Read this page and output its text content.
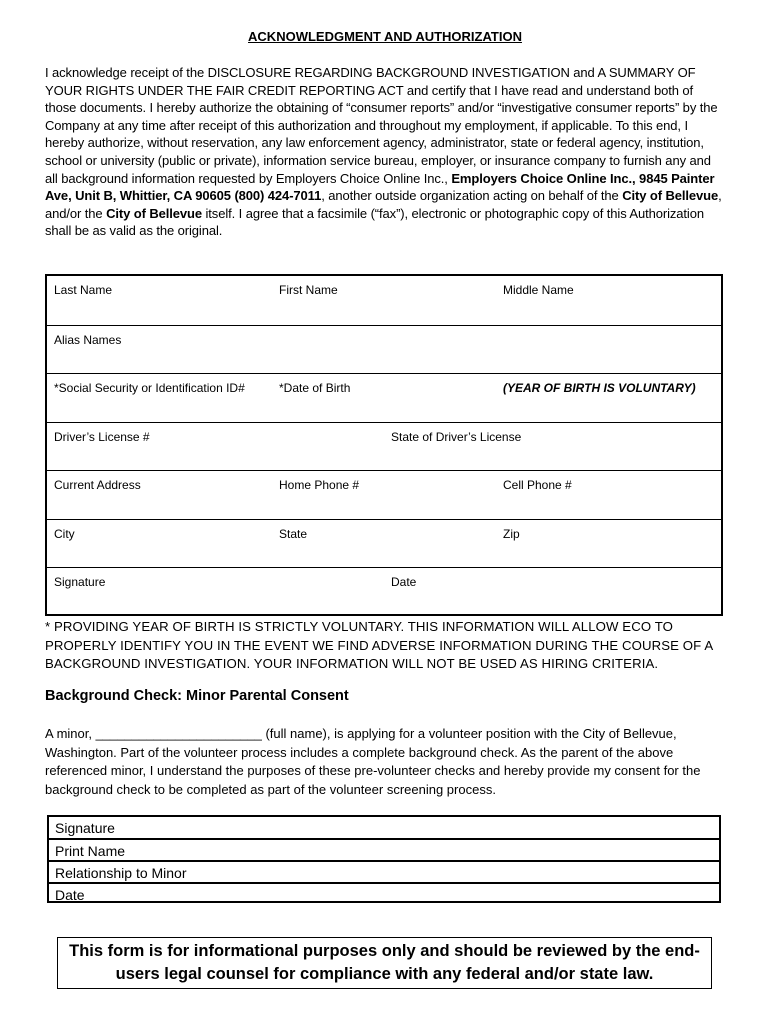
ACKNOWLEDGMENT AND AUTHORIZATION
I acknowledge receipt of the DISCLOSURE REGARDING BACKGROUND INVESTIGATION and A SUMMARY OF YOUR RIGHTS UNDER THE FAIR CREDIT REPORTING ACT and certify that I have read and understand both of those documents. I hereby authorize the obtaining of “consumer reports” and/or “investigative consumer reports” by the Company at any time after receipt of this authorization and throughout my employment, if applicable. To this end, I hereby authorize, without reservation, any law enforcement agency, administrator, state or federal agency, institution, school or university (public or private), information service bureau, employer, or insurance company to furnish any and all background information requested by Employers Choice Online Inc., Employers Choice Online Inc., 9845 Painter Ave, Unit B, Whittier, CA 90605 (800) 424-7011, another outside organization acting on behalf of the City of Bellevue, and/or the City of Bellevue itself. I agree that a facsimile (“fax”), electronic or photographic copy of this Authorization shall be as valid as the original.
Last Name	First Name	Middle Name
Alias Names
*Social Security or Identification ID#	*Date of Birth	(YEAR OF BIRTH IS VOLUNTARY)
Driver’s License #	State of Driver’s License
Current Address	Home Phone #	Cell Phone #
City	State	Zip
Signature	Date
* PROVIDING YEAR OF BIRTH IS STRICTLY VOLUNTARY. THIS INFORMATION WILL ALLOW ECO TO PROPERLY IDENTIFY YOU IN THE EVENT WE FIND ADVERSE INFORMATION DURING THE COURSE OF A BACKGROUND INVESTIGATION. YOUR INFORMATION WILL NOT BE USED AS HIRING CRITERIA.
Background Check: Minor Parental Consent
A minor, _______________________ (full name), is applying for a volunteer position with the City of Bellevue, Washington. Part of the volunteer process includes a complete background check. As the parent of the above referenced minor, I understand the purposes of these pre-volunteer checks and hereby provide my consent for the background check to be completed as part of the volunteer screening process.
Signature
Print Name
Relationship to Minor
Date
This form is for informational purposes only and should be reviewed by the end-users legal counsel for compliance with any federal and/or state law.
